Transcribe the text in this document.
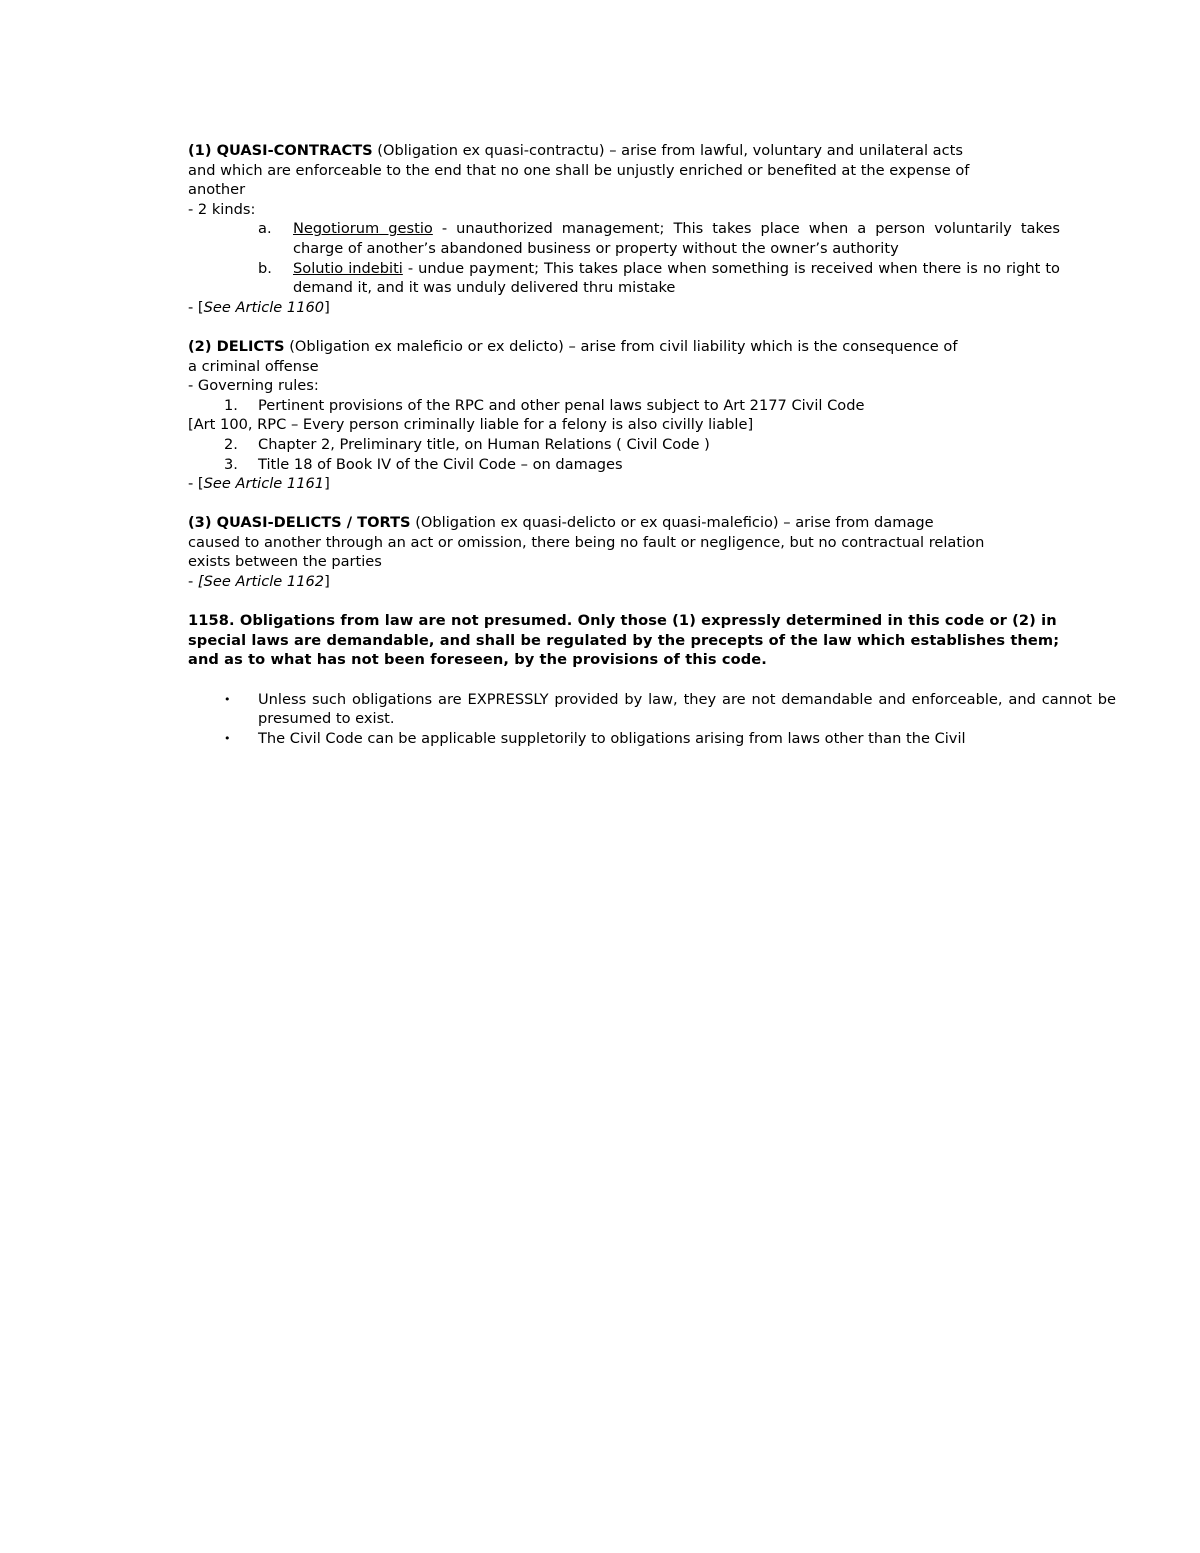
(1) QUASI-CONTRACTS (Obligation ex quasi-contractu) – arise from lawful, voluntary and unilateral acts
and which are enforceable to the end that no one shall be unjustly enriched or benefited at the expense of
another

- 2 kinds:

a. Negotiorum gestio - unauthorized management; This takes place when a person voluntarily takes charge of another’s abandoned business or property without the owner’s authority
b. Solutio indebiti - undue payment; This takes place when something is received when there is no right to demand it, and it was unduly delivered thru mistake

- [See Article 1160]

(2) DELICTS (Obligation ex maleficio or ex delicto) – arise from civil liability which is the consequence of
a criminal offense

- Governing rules:

1. Pertinent provisions of the RPC and other penal laws subject to Art 2177 Civil Code

[Art 100, RPC – Every person criminally liable for a felony is also civilly liable]

2. Chapter 2, Preliminary title, on Human Relations ( Civil Code )
3. Title 18 of Book IV of the Civil Code – on damages

- [See Article 1161]

(3) QUASI-DELICTS / TORTS (Obligation ex quasi-delicto or ex quasi-maleficio) – arise from damage
caused to another through an act or omission, there being no fault or negligence, but no contractual relation
exists between the parties

- [See Article 1162]

1158. Obligations from law are not presumed. Only those (1) expressly determined in this code or (2) in

special laws are demandable, and shall be regulated by the precepts of the law which establishes them; and as to what has not been foreseen, by the provisions of this code.

• Unless such obligations are EXPRESSLY provided by law, they are not demandable and enforceable, and cannot be presumed to exist.
• The Civil Code can be applicable suppletorily to obligations arising from laws other than the Civil
